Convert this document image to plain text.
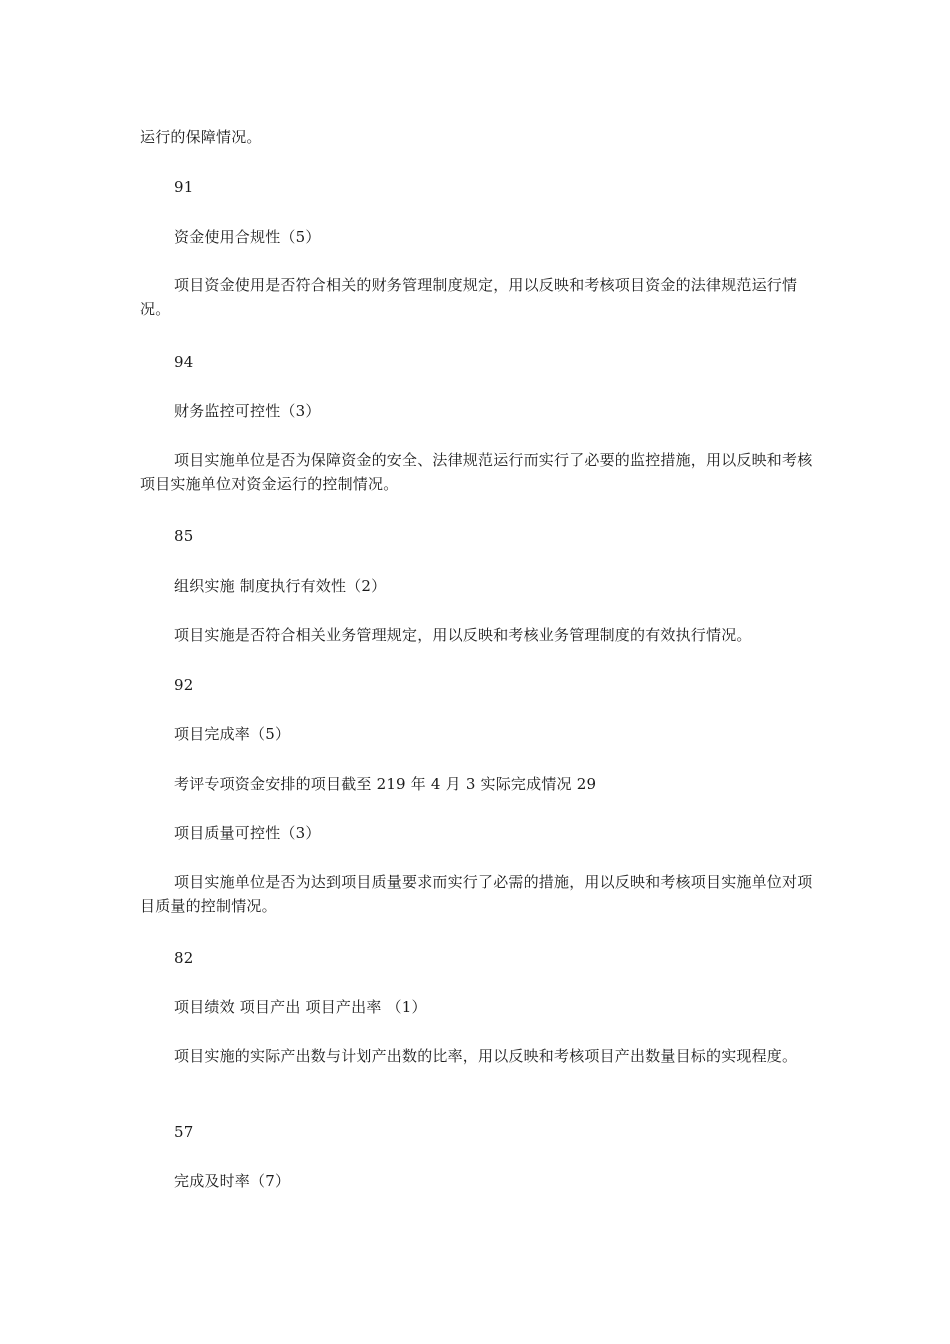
运行的保障情况。
91
资金使用合规性（5）

项目资金使用是否符合相关的财务管理制度规定，用以反映和考核项目资金的法律规范运行情况。

94
财务监控可控性（3）

项目实施单位是否为保障资金的安全、法律规范运行而实行了必要的监控措施，用以反映和考核项目实施单位对资金运行的控制情况。

85
组织实施 制度执行有效性（2）
项目实施是否符合相关业务管理规定，用以反映和考核业务管理制度的有效执行情况。
92
项目完成率（5）
考评专项资金安排的项目截至 219 年 4 月 3 实际完成情况 29
项目质量可控性（3）

项目实施单位是否为达到项目质量要求而实行了必需的措施，用以反映和考核项目实施单位对项目质量的控制情况。

82
项目绩效 项目产出 项目产出率 （1）

项目实施的实际产出数与计划产出数的比率，用以反映和考核项目产出数量目标的实现程度。

57
完成及时率（7）
